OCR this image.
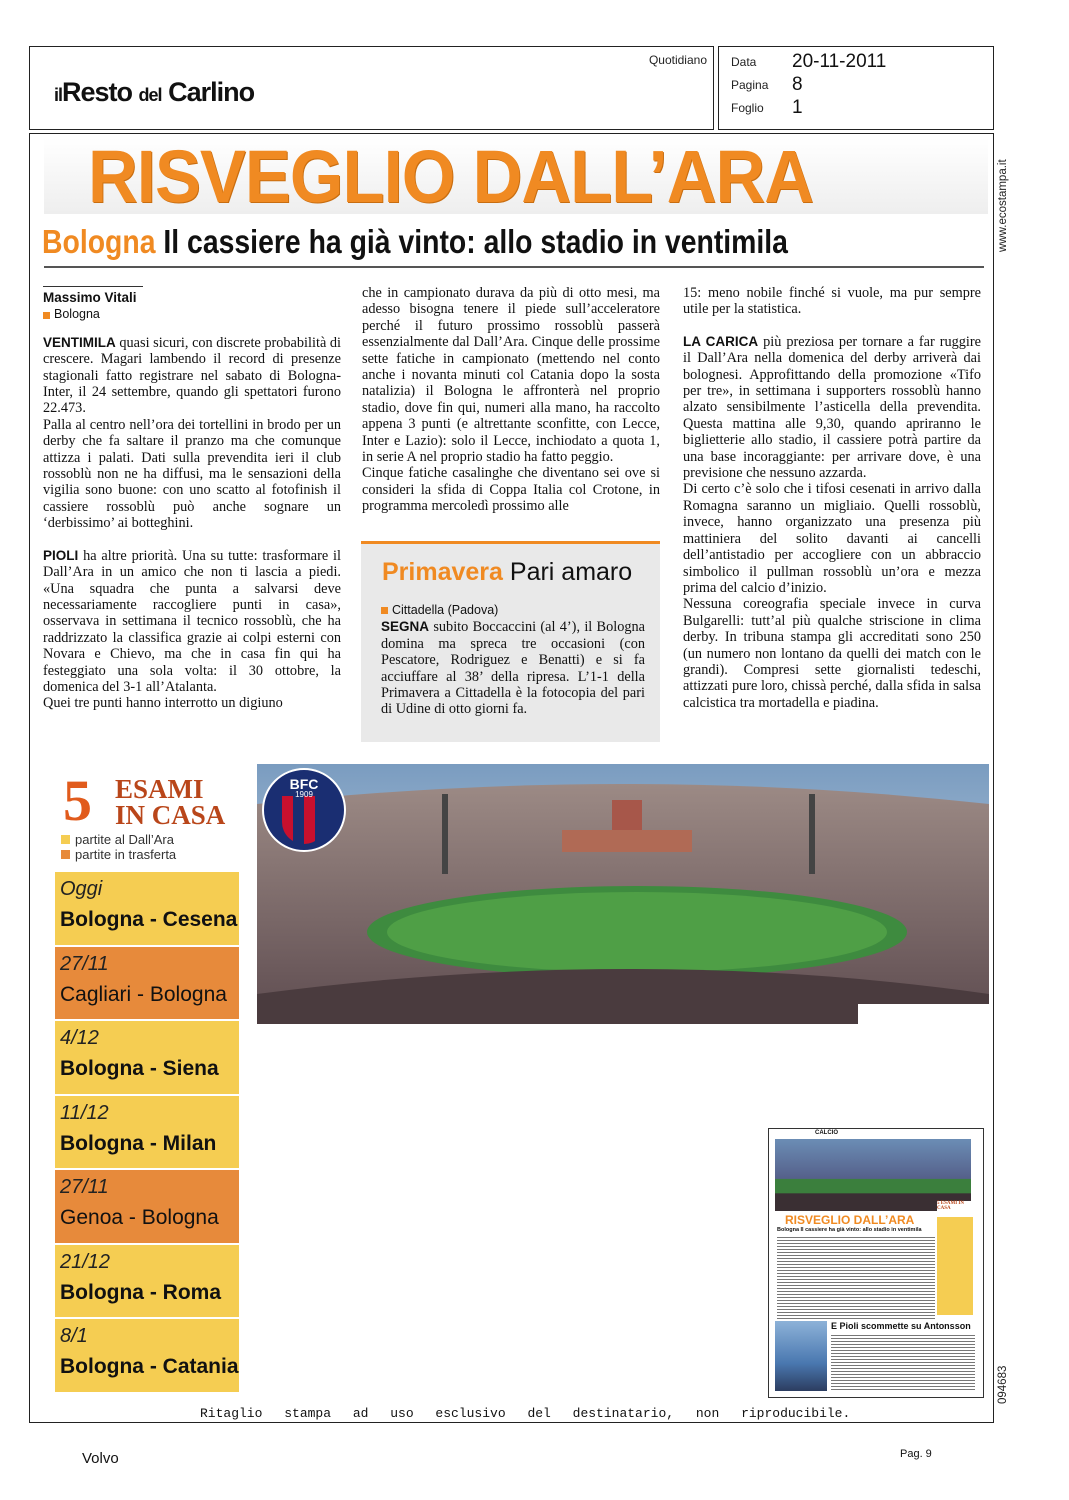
ilResto del Carlino
Quotidiano Data 20-11-2011
Pagina 8
Foglio 1
www.ecostampa.it
094683
RISVEGLIO DALL’ARA
Bologna Il cassiere ha già vinto: allo stadio in ventimila
Massimo Vitali
Bologna

VENTIMILA quasi sicuri, con discrete probabilità di crescere. Magari lambendo il record di presenze stagionali fatto registrare nel sabato di Bologna-Inter, il 24 settembre, quando gli spettatori furono 22.473.

Palla al centro nell’ora dei tortellini in brodo per un derby che fa saltare il pranzo ma che comunque attizza i palati. Dati sulla prevendita ieri il club rossoblù non ne ha diffusi, ma le sensazioni della vigilia sono buone: con uno scatto al fotofinish il cassiere rossoblù può anche sognare un ‘derbissimo’ ai botteghini.

PIOLI ha altre priorità. Una su tutte: trasformare il Dall’Ara in un amico che non ti lascia a piedi. «Una squadra che punta a salvarsi deve necessariamente raccogliere punti in casa», osservava in settimana il tecnico rossoblù, che ha raddrizzato la classifica grazie ai colpi esterni con Novara e Chievo, ma che in casa fin qui ha festeggiato una sola volta: il 30 ottobre, la domenica del 3-1 all’Atalanta.

Quei tre punti hanno interrotto un digiuno

che in campionato durava da più di otto mesi, ma adesso bisogna tenere il piede sull’acceleratore perché il futuro prossimo rossoblù passerà essenzialmente dal Dall’Ara. Cinque delle prossime sette fatiche in campionato (mettendo nel conto anche i novanta minuti col Catania dopo la sosta natalizia) il Bologna le affronterà nel proprio stadio, dove fin qui, numeri alla mano, ha raccolto appena 3 punti (e altrettante sconfitte, con Lecce, Inter e Lazio): solo il Lecce, inchiodato a quota 1, in serie A nel proprio stadio ha fatto peggio.

Cinque fatiche casalinghe che diventano sei ove si consideri la sfida di Coppa Italia col Crotone, in programma mercoledì prossimo alle

Primavera Pari amaro
Cittadella (Padova)

SEGNA subito Boccaccini (al 4’), il Bologna domina ma spreca tre occasioni (con Pescatore, Rodriguez e Benatti) e si fa acciuffare al 38’ della ripresa. L’1-1 della Primavera a Cittadella è la fotocopia del pari di Udine di otto giorni fa.

15: meno nobile finché si vuole, ma pur sempre utile per la statistica.

LA CARICA più preziosa per tornare a far ruggire il Dall’Ara nella domenica del derby arriverà dai bolognesi. Approfittando della promozione «Tifo per tre», in settimana i supporters rossoblù hanno alzato sensibilmente l’asticella della prevendita. Questa mattina alle 9,30, quando apriranno le biglietterie allo stadio, il cassiere potrà partire da una base incoraggiante: per arrivare dove, è una previsione che nessuno azzarda.

Di certo c’è solo che i tifosi cesenati in arrivo dalla Romagna saranno un migliaio. Quelli rossoblù, invece, hanno organizzato una presenza più mattiniera del solito davanti ai cancelli dell’antistadio per accogliere con un abbraccio simbolico il pullman rossoblù un’ora e mezza prima del calcio d’inizio.

Nessuna coreografia speciale invece in curva Bulgarelli: tutt’al più qualche striscione in clima derby. In tribuna stampa gli accreditati sono 250 (un numero non lontano da quelli dei match con le grandi). Compresi sette giornalisti tedeschi, attizzati pure loro, chissà perché, dalla sfida in salsa calcistica tra mortadella e piadina.

5 ESAMI
IN CASA
partite al Dall’Ara
partite in trasferta
Oggi
Bologna - Cesena
27/11
Cagliari - Bologna
4/12
Bologna - Siena
11/12
Bologna - Milan
27/11
Genoa - Bologna
21/12
Bologna - Roma
8/1
Bologna - Catania
BFC
1909
CALCIO
RISVEGLIO DALL’ARA
Bologna Il cassiere ha già vinto: allo stadio in ventimila
5 ESAMI IN CASA
E Pioli scommette su Antonsson
Ritaglio stampa ad uso esclusivo del destinatario, non riproducibile.
Volvo	Pag. 9
